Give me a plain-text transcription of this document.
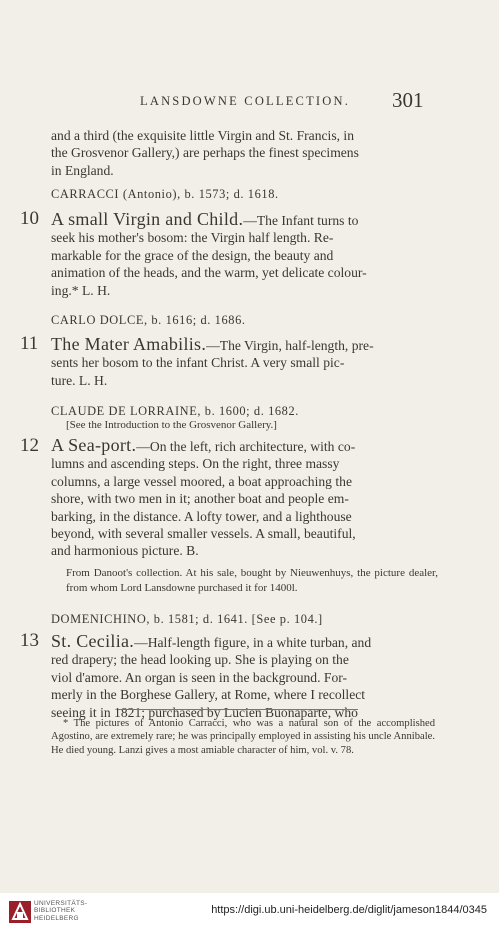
LANSDOWNE COLLECTION. 301
and a third (the exquisite little Virgin and St. Francis, in
the Grosvenor Gallery,) are perhaps the finest specimens
in England.
CARRACCI (Antonio), b. 1573; d. 1618.
10 A small Virgin and Child.—The Infant turns to
seek his mother's bosom: the Virgin half length. Re-
markable for the grace of the design, the beauty and
animation of the heads, and the warm, yet delicate colour-
ing.* L. H.
CARLO DOLCE, b. 1616; d. 1686.
11 The Mater Amabilis.—The Virgin, half-length, pre-
sents her bosom to the infant Christ. A very small pic-
ture. L. H.
CLAUDE DE LORRAINE, b. 1600; d. 1682.
[See the Introduction to the Grosvenor Gallery.]
12 A Sea-port.—On the left, rich architecture, with co-
lumns and ascending steps. On the right, three massy
columns, a large vessel moored, a boat approaching the
shore, with two men in it; another boat and people em-
barking, in the distance. A lofty tower, and a lighthouse
beyond, with several smaller vessels. A small, beautiful,
and harmonious picture. B.
From Danoot's collection. At his sale, bought by Nieuwenhuys, the picture dealer, from whom Lord Lansdowne purchased it for 1400l.
DOMENICHINO, b. 1581; d. 1641. [See p. 104.]
13 St. Cecilia.—Half-length figure, in a white turban, and
red drapery; the head looking up. She is playing on the
viol d'amore. An organ is seen in the background. For-
merly in the Borghese Gallery, at Rome, where I recollect
seeing it in 1821; purchased by Lucien Buonaparte, who
* The pictures of Antonio Carracci, who was a natural son of the accomplished Agostino, are extremely rare; he was principally employed in assisting his uncle Annibale. He died young. Lanzi gives a most amiable character of him, vol. v. 78.
UNIVERSITÄTS-
BIBLIOTHEK
HEIDELBERG
https://digi.ub.uni-heidelberg.de/diglit/jameson1844/0345
